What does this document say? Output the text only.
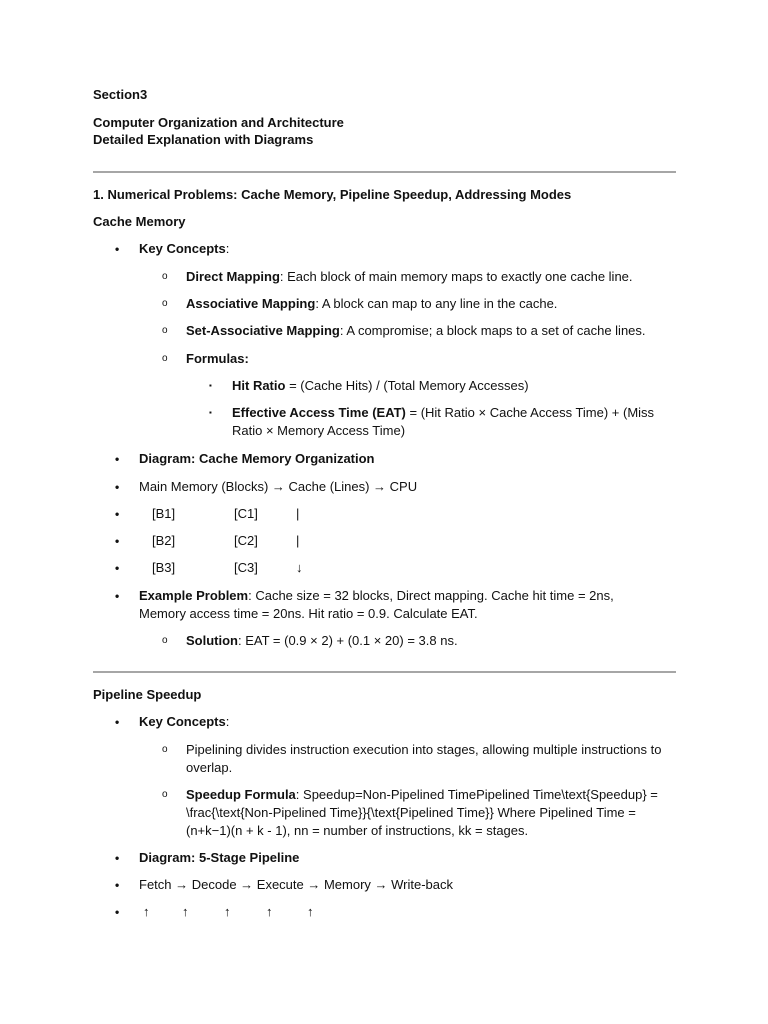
Section3
Computer Organization and Architecture
Detailed Explanation with Diagrams
1. Numerical Problems: Cache Memory, Pipeline Speedup, Addressing Modes
Cache Memory
• Key Concepts:
o Direct Mapping: Each block of main memory maps to exactly one cache line.
o Associative Mapping: A block can map to any line in the cache.
o Set-Associative Mapping: A compromise; a block maps to a set of cache lines.
o Formulas:
▪ Hit Ratio = (Cache Hits) / (Total Memory Accesses)
▪ Effective Access Time (EAT) = (Hit Ratio × Cache Access Time) + (Miss Ratio × Memory Access Time)
• Diagram: Cache Memory Organization
• Main Memory (Blocks) → Cache (Lines) → CPU
•	[B1]	[C1]	|
•	[B2]	[C2]	|
•	[B3]	[C3]	↓
• Example Problem: Cache size = 32 blocks, Direct mapping. Cache hit time = 2ns, Memory access time = 20ns. Hit ratio = 0.9. Calculate EAT.
o Solution: EAT = (0.9 × 2) + (0.1 × 20) = 3.8 ns.
Pipeline Speedup
• Key Concepts:
o Pipelining divides instruction execution into stages, allowing multiple instructions to overlap.
o Speedup Formula: Speedup=Non-Pipelined TimePipelined Time\text{Speedup} = \frac{\text{Non-Pipelined Time}}{\text{Pipelined Time}} Where Pipelined Time = (n+k−1)(n + k - 1), nn = number of instructions, kk = stages.
• Diagram: 5-Stage Pipeline
• Fetch → Decode → Execute → Memory → Write-back
• ↑	↑	↑	↑	↑
